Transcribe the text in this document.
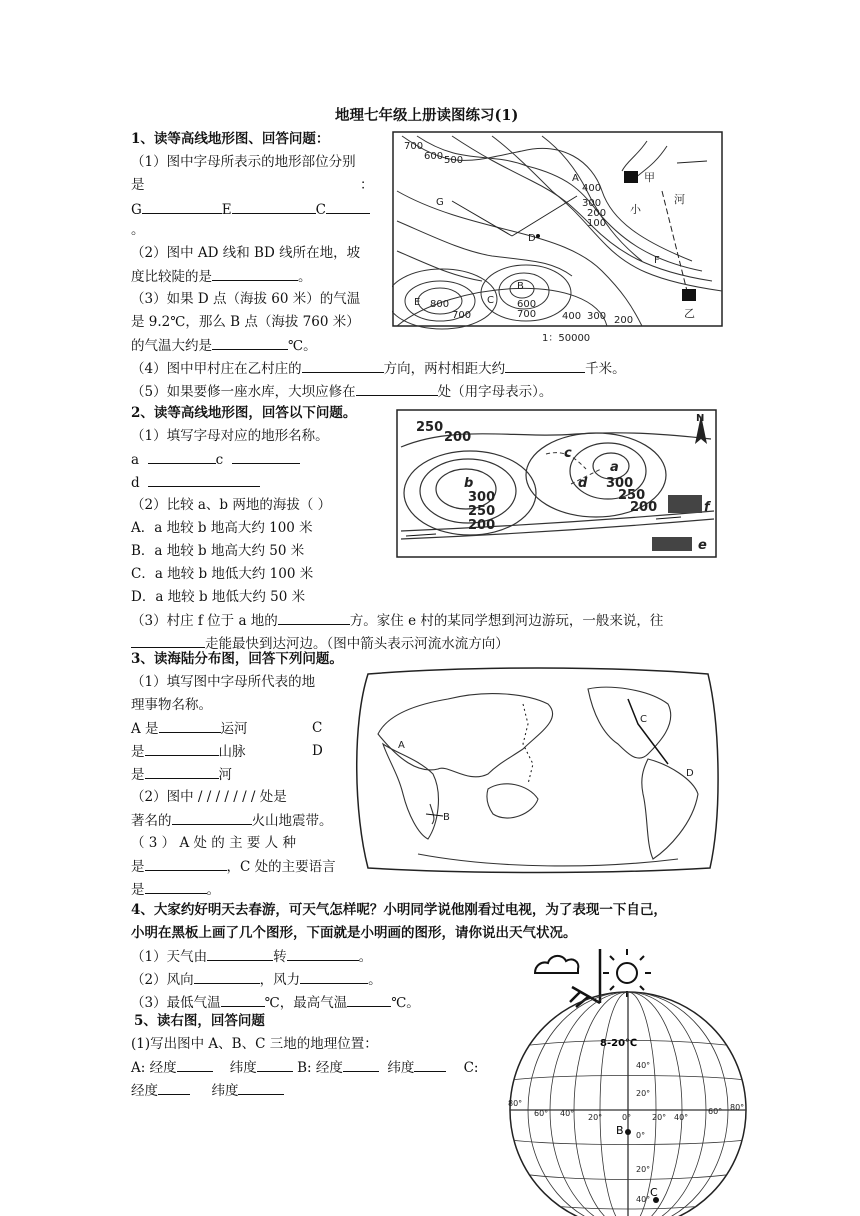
地理七年级上册读图练习(1)
1、读等高线地形图、回答问题：
（1）图中字母所表示的地形部位分别
是	：
G	E	C
。
（2）图中 AD 线和 BD 线所在地，坡
度比较陡的是	。
（3）如果 D 点（海拔 60 米）的气温
是 9.2℃，那么 B 点（海拔 760 米）
的气温大约是	℃。
（4）图中甲村庄在乙村庄的	方向，两村相距大约	千米。
（5）如果要修一座水库，大坝应修在	处（用字母表示）。
700
600 500
400
300
200
100
800
700
600
700	400 300 200
A
B
C
D
E
F
G
甲
乙
小
河
1：50000
2、读等高线地形图，回答以下问题。
（1）填写字母对应的地形名称。
a	c
d
（2）比较 a、b 两地的海拔（ ）
A．a 地较 b 地高大约 100 米
B．a 地较 b 地高大约 50 米
C．a 地较 b 地低大约 100 米
D．a 地较 b 地低大约 50 米
（3）村庄 f 位于 a 地的	方。家住 e 村的某同学想到河边游玩，一般来说，往
走能最快到达河边。（图中箭头表示河流水流方向）
250
200
300
250
200
300
250
200
b
a
c
d
f
e
N
3、读海陆分布图，回答下列问题。
（1）填写图中字母所代表的地
理事物名称。
A 是	运河	C
是	山脉	D
是	河
（2）图中 / / / / / / / 处是
著名的	火山地震带。
（ 3 ） A 处 的 主 要 人 种
是	，C 处的主要语言
是	。
A
B
C
D
4、大家约好明天去春游，可天气怎样呢？小明同学说他刚看过电视，为了表现一下自己，
小明在黑板上画了几个图形，下面就是小明画的图形，请你说出天气状况。
（1）天气由	转	。
（2）风向	，风力	。
（3）最低气温	℃，最高气温	℃。
5、读右图，回答问题
(1)写出图中 A、B、C 三地的地理位置：
A: 经度	纬度	B: 经度	纬度	C:
经度	纬度
8-20℃
80°
60° 40° 20° 0°	20° 40°
60° 80°
40°
20°
0°
20°
40°
B
C
